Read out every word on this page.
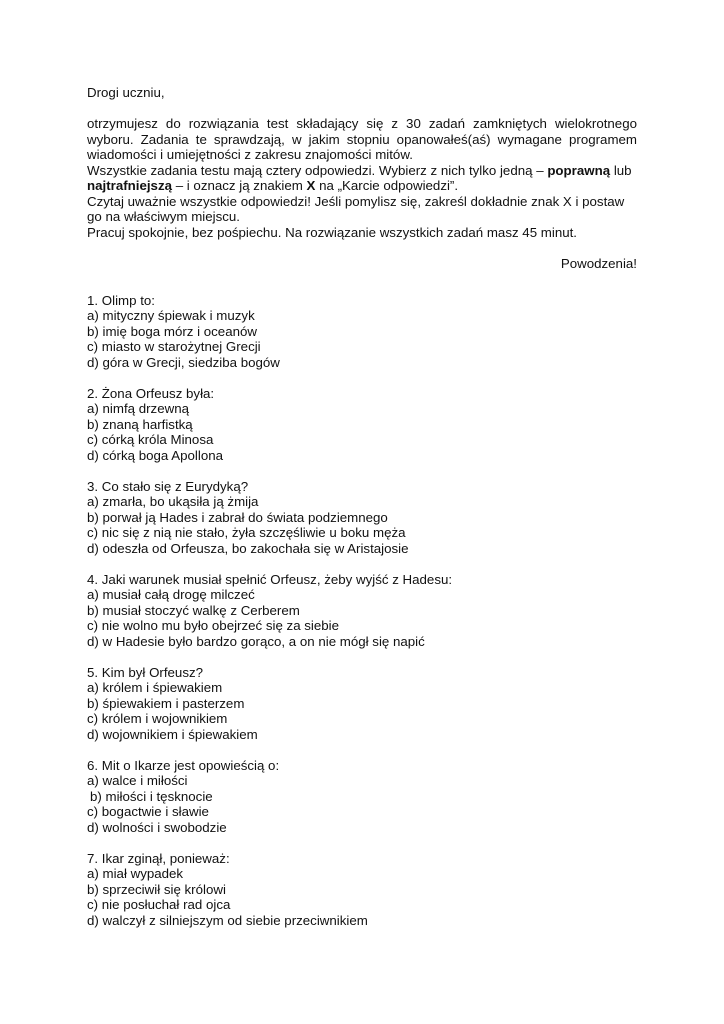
Drogi uczniu,
otrzymujesz do rozwiązania test składający się z 30 zadań zamkniętych wielokrotnego
wyboru. Zadania te sprawdzają, w jakim stopniu opanowałeś(aś) wymagane programem
wiadomości i umiejętności z zakresu znajomości mitów.
Wszystkie zadania testu mają cztery odpowiedzi. Wybierz z nich tylko jedną – poprawną lub
najtrafniejszą – i oznacz ją znakiem X na „Karcie odpowiedzi”.
Czytaj uważnie wszystkie odpowiedzi! Jeśli pomylisz się, zakreśl dokładnie znak X i postaw
go na właściwym miejscu.
Pracuj spokojnie, bez pośpiechu. Na rozwiązanie wszystkich zadań masz 45 minut.
Powodzenia!
1. Olimp to:
a) mityczny śpiewak i muzyk
b) imię boga mórz i oceanów
c) miasto w starożytnej Grecji
d) góra w Grecji, siedziba bogów
2. Żona Orfeusz była:
a) nimfą drzewną
b) znaną harfistką
c) córką króla Minosa
d) córką boga Apollona
3. Co stało się z Eurydyką?
a) zmarła, bo ukąsiła ją żmija
b) porwał ją Hades i zabrał do świata podziemnego
c) nic się z nią nie stało, żyła szczęśliwie u boku męża
d) odeszła od Orfeusza, bo zakochała się w Aristajosie
4. Jaki warunek musiał spełnić Orfeusz, żeby wyjść z Hadesu:
a) musiał całą drogę milczeć
b) musiał stoczyć walkę z Cerberem
c) nie wolno mu było obejrzeć się za siebie
d) w Hadesie było bardzo gorąco, a on nie mógł się napić
5. Kim był Orfeusz?
a) królem i śpiewakiem
b) śpiewakiem i pasterzem
c) królem i wojownikiem
d) wojownikiem i śpiewakiem
6. Mit o Ikarze jest opowieścią o:
a) walce i miłości
b) miłości i tęsknocie
c) bogactwie i sławie
d) wolności i swobodzie
7. Ikar zginął, ponieważ:
a) miał wypadek
b) sprzeciwił się królowi
c) nie posłuchał rad ojca
d) walczył z silniejszym od siebie przeciwnikiem
